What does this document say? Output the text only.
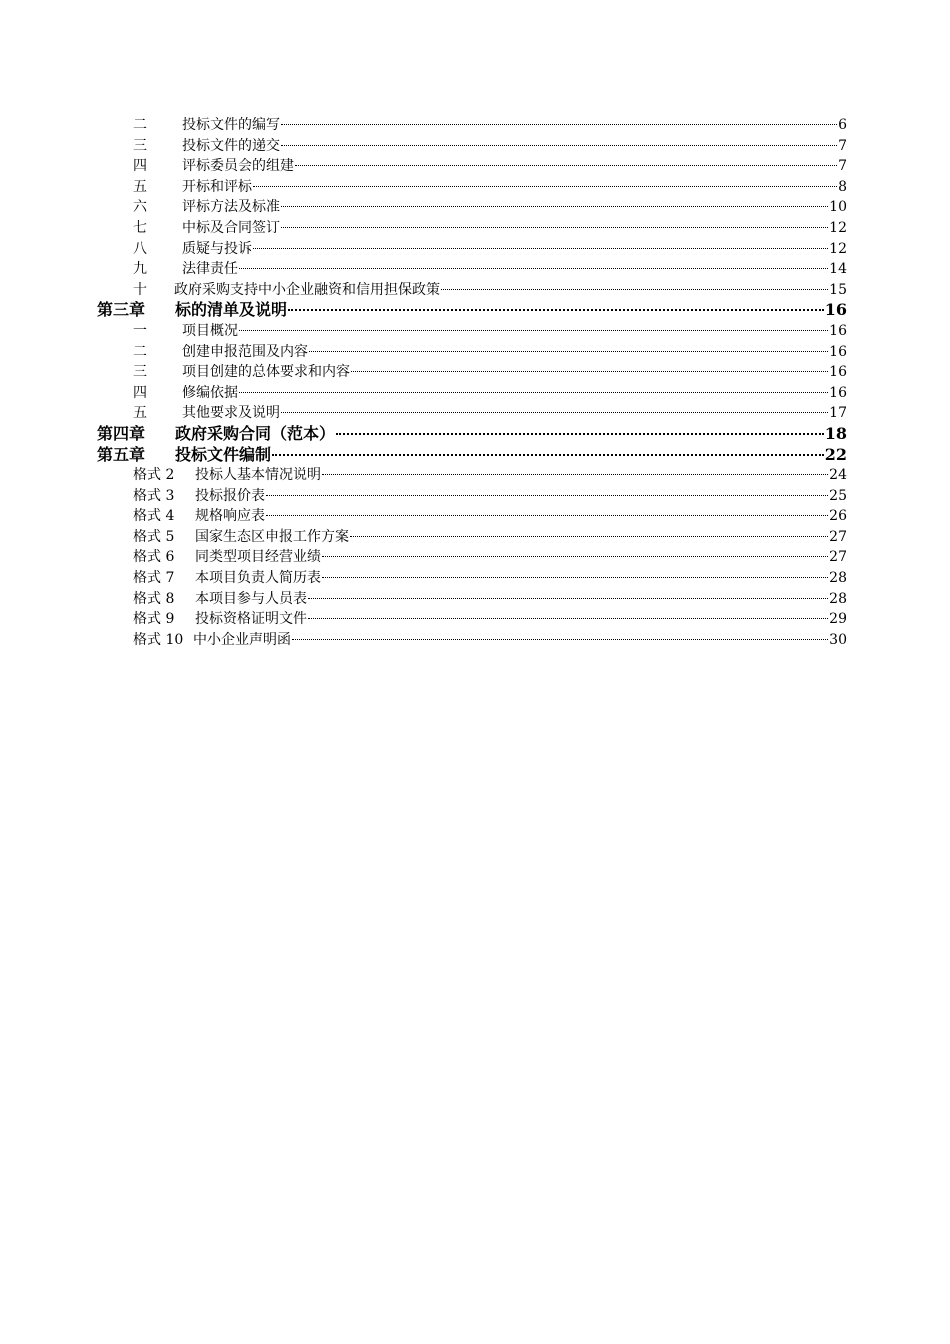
二	投标文件的编写	6
三	投标文件的递交	7
四	评标委员会的组建	7
五	开标和评标	8
六	评标方法及标准	10
七	中标及合同签订	12
八	质疑与投诉	12
九	法律责任	14
十 政府采购支持中小企业融资和信用担保政策	15
第三章 标的清单及说明	16
一	项目概况	16
二	创建申报范围及内容	16
三	项目创建的总体要求和内容	16
四	修编依据	16
五	其他要求及说明	17
第四章 政府采购合同（范本）	18
第五章 投标文件编制	22
格式 2 投标人基本情况说明	24
格式 3 投标报价表	25
格式 4 规格响应表	26
格式 5 国家生态区申报工作方案	27
格式 6 同类型项目经营业绩	27
格式 7 本项目负责人简历表	28
格式 8 本项目参与人员表	28
格式 9 投标资格证明文件	29
格式 10 中小企业声明函	30
